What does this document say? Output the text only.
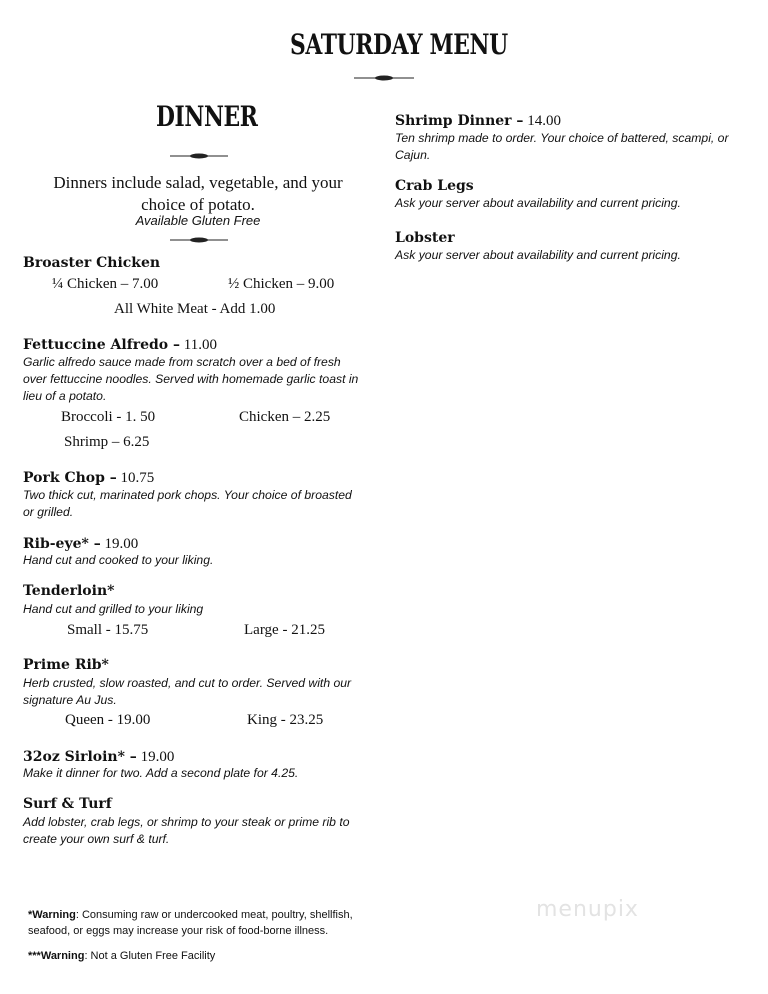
SATURDAY MENU
DINNER
Dinners include salad, vegetable, and your
choice of potato.
Available Gluten Free
Broaster Chicken
¼ Chicken – 7.00	½ Chicken – 9.00
All White Meat - Add 1.00
Fettuccine Alfredo – 11.00
Garlic alfredo sauce made from scratch over a bed of fresh
over fettuccine noodles. Served with homemade garlic toast in
lieu of a potato.
Broccoli - 1. 50	Chicken – 2.25
Shrimp – 6.25
Pork Chop – 10.75
Two thick cut, marinated pork chops. Your choice of broasted
or grilled.
Rib-eye* – 19.00
Hand cut and cooked to your liking.
Tenderloin*
Hand cut and grilled to your liking
Small - 15.75	Large - 21.25
Prime Rib*
Herb crusted, slow roasted, and cut to order. Served with our
signature Au Jus.
Queen - 19.00	King - 23.25
32oz Sirloin* – 19.00
Make it dinner for two. Add a second plate for 4.25.
Surf & Turf
Add lobster, crab legs, or shrimp to your steak or prime rib to
create your own surf & turf.
Shrimp Dinner – 14.00
Ten shrimp made to order. Your choice of battered, scampi, or
Cajun.
Crab Legs
Ask your server about availability and current pricing.
Lobster
Ask your server about availability and current pricing.
*Warning: Consuming raw or undercooked meat, poultry, shellfish,
seafood, or eggs may increase your risk of food-borne illness.
***Warning: Not a Gluten Free Facility
menupix
